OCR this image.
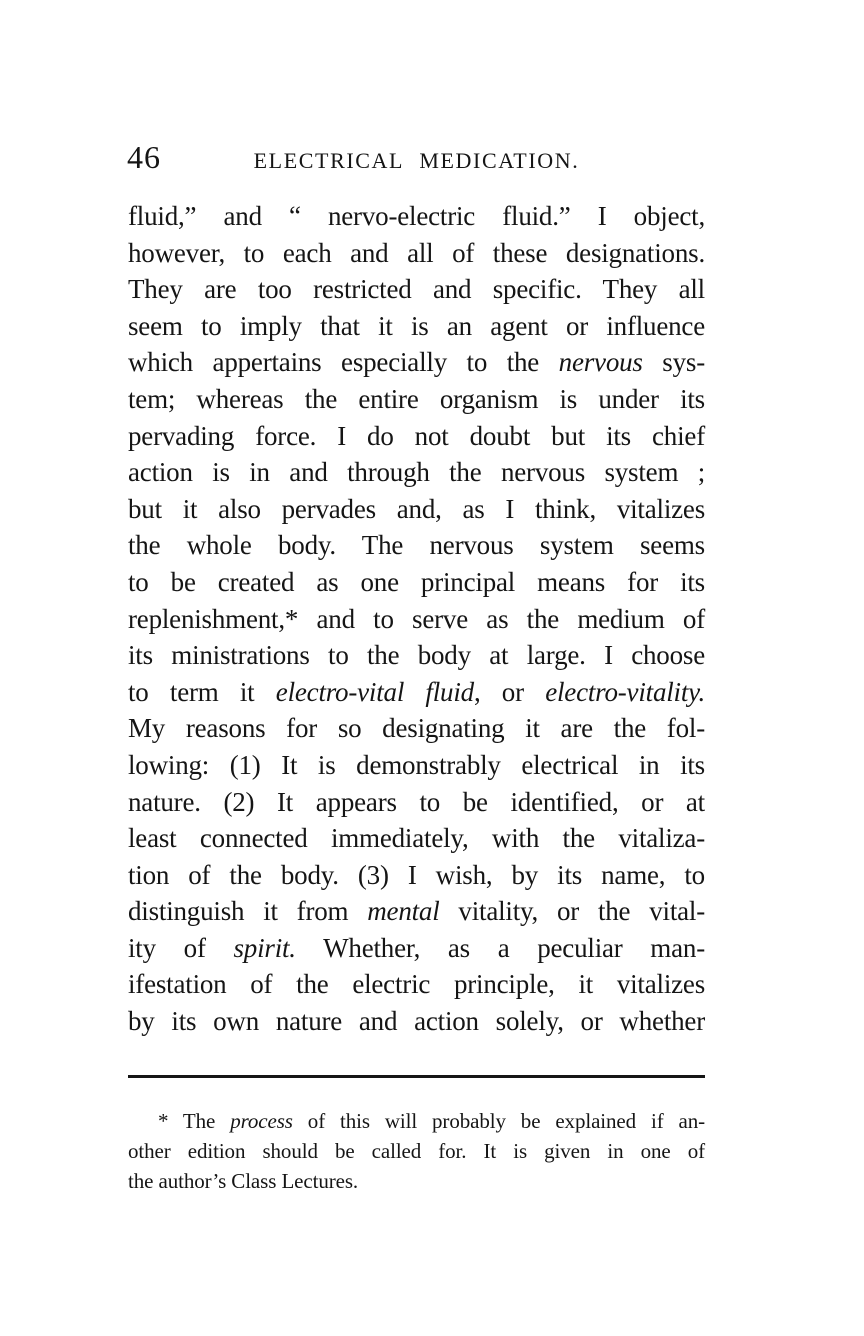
46	ELECTRICAL MEDICATION.
fluid,” and “ nervo-electric fluid.” I object,
however, to each and all of these designations.
They are too restricted and specific. They all
seem to imply that it is an agent or influence
which appertains especially to the nervous sys-
tem; whereas the entire organism is under its
pervading force. I do not doubt but its chief
action is in and through the nervous system ;
but it also pervades and, as I think, vitalizes
the whole body. The nervous system seems
to be created as one principal means for its
replenishment,* and to serve as the medium of
its ministrations to the body at large. I choose
to term it electro-vital fluid, or electro-vitality.
My reasons for so designating it are the fol-
lowing: (1) It is demonstrably electrical in its
nature. (2) It appears to be identified, or at
least connected immediately, with the vitaliza-
tion of the body. (3) I wish, by its name, to
distinguish it from mental vitality, or the vital-
ity of spirit. Whether, as a peculiar man-
ifestation of the electric principle, it vitalizes
by its own nature and action solely, or whether
* The process of this will probably be explained if an-
other edition should be called for. It is given in one of
the author’s Class Lectures.
